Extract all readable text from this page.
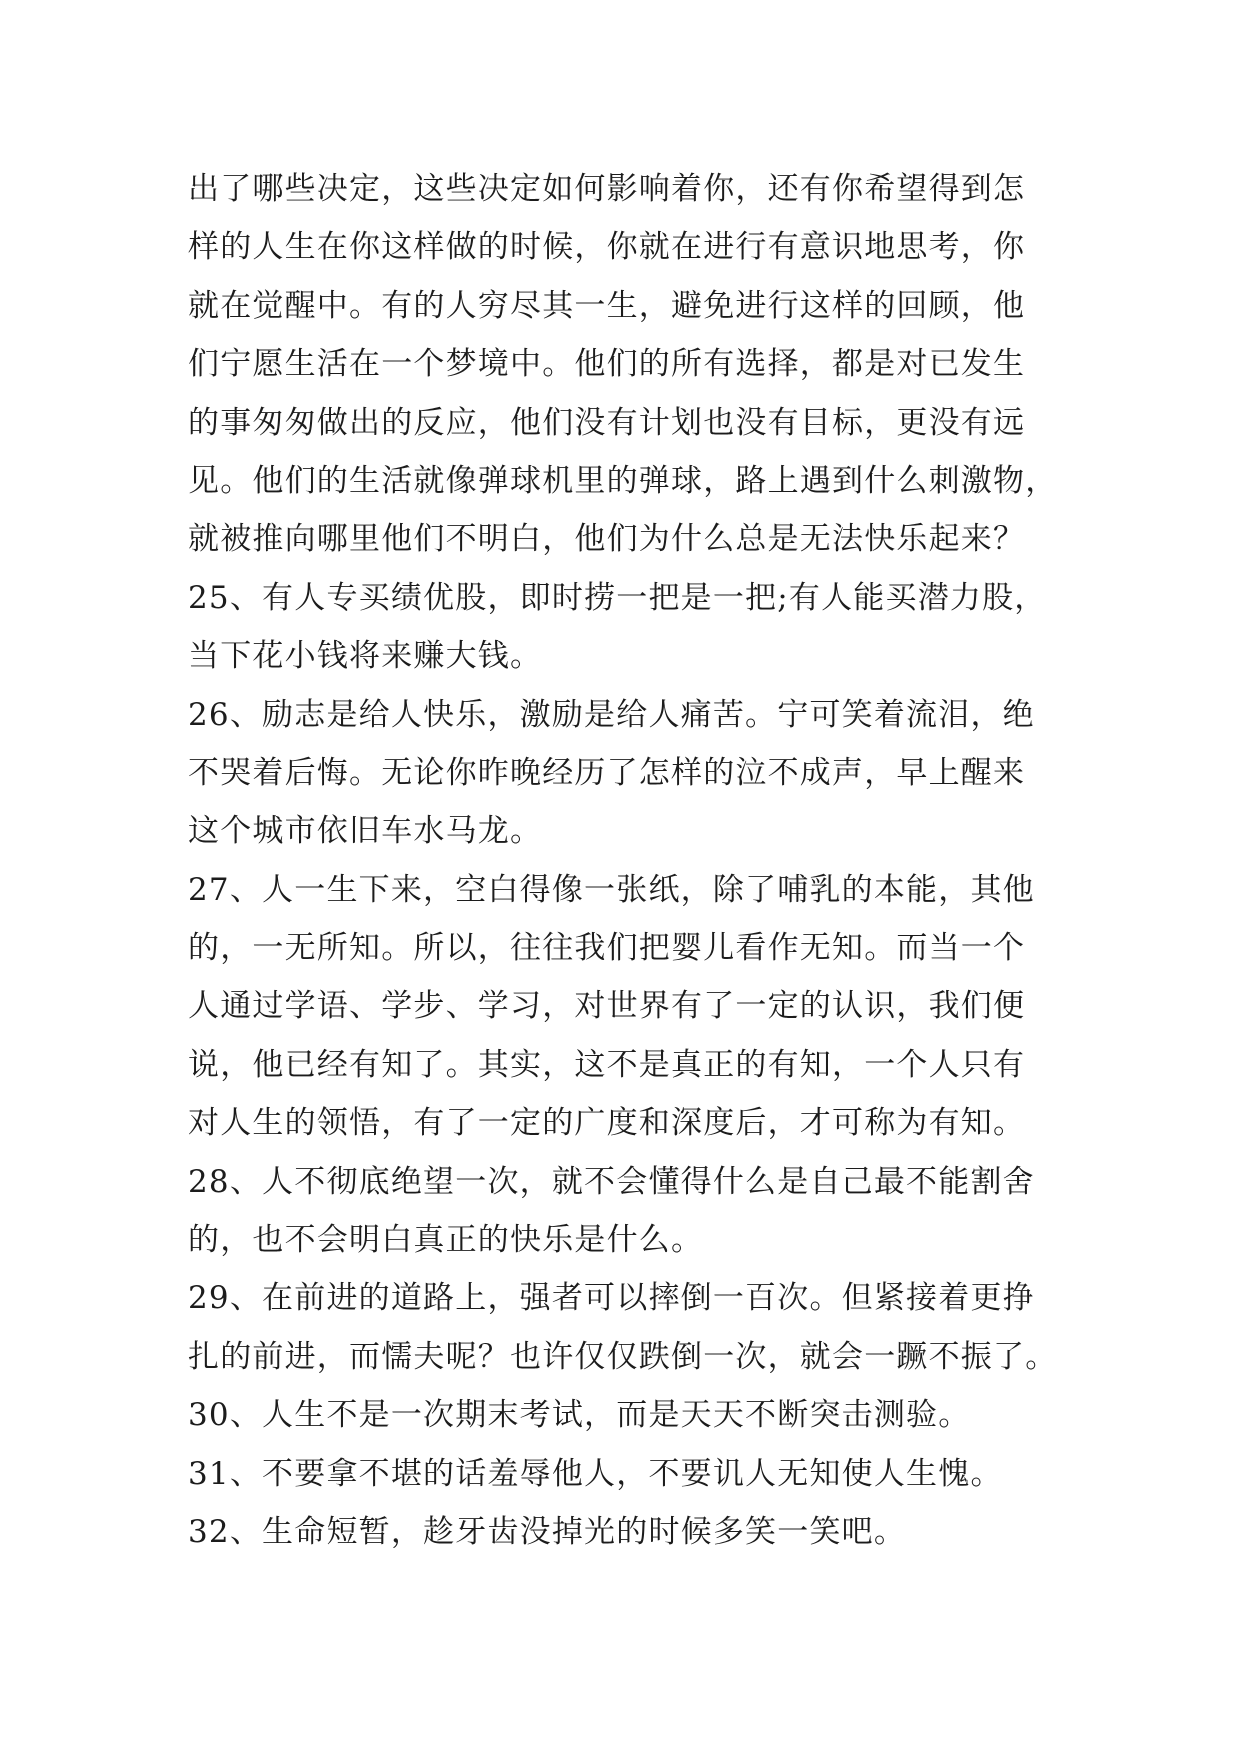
出了哪些决定，这些决定如何影响着你，还有你希望得到怎
样的人生在你这样做的时候，你就在进行有意识地思考，你
就在觉醒中。有的人穷尽其一生，避免进行这样的回顾，他
们宁愿生活在一个梦境中。他们的所有选择，都是对已发生
的事匆匆做出的反应，他们没有计划也没有目标，更没有远
见。他们的生活就像弹球机里的弹球，路上遇到什么刺激物，
就被推向哪里他们不明白，他们为什么总是无法快乐起来？
25、有人专买绩优股，即时捞一把是一把;有人能买潜力股，
当下花小钱将来赚大钱。
26、励志是给人快乐，激励是给人痛苦。宁可笑着流泪，绝
不哭着后悔。无论你昨晚经历了怎样的泣不成声，早上醒来
这个城市依旧车水马龙。
27、人一生下来，空白得像一张纸，除了哺乳的本能，其他
的，一无所知。所以，往往我们把婴儿看作无知。而当一个
人通过学语、学步、学习，对世界有了一定的认识，我们便
说，他已经有知了。其实，这不是真正的有知，一个人只有
对人生的领悟，有了一定的广度和深度后，才可称为有知。
28、人不彻底绝望一次，就不会懂得什么是自己最不能割舍
的，也不会明白真正的快乐是什么。
29、在前进的道路上，强者可以摔倒一百次。但紧接着更挣
扎的前进，而懦夫呢？也许仅仅跌倒一次，就会一蹶不振了。
30、人生不是一次期末考试，而是天天不断突击测验。
31、不要拿不堪的话羞辱他人，不要讥人无知使人生愧。
32、生命短暂，趁牙齿没掉光的时候多笑一笑吧。
